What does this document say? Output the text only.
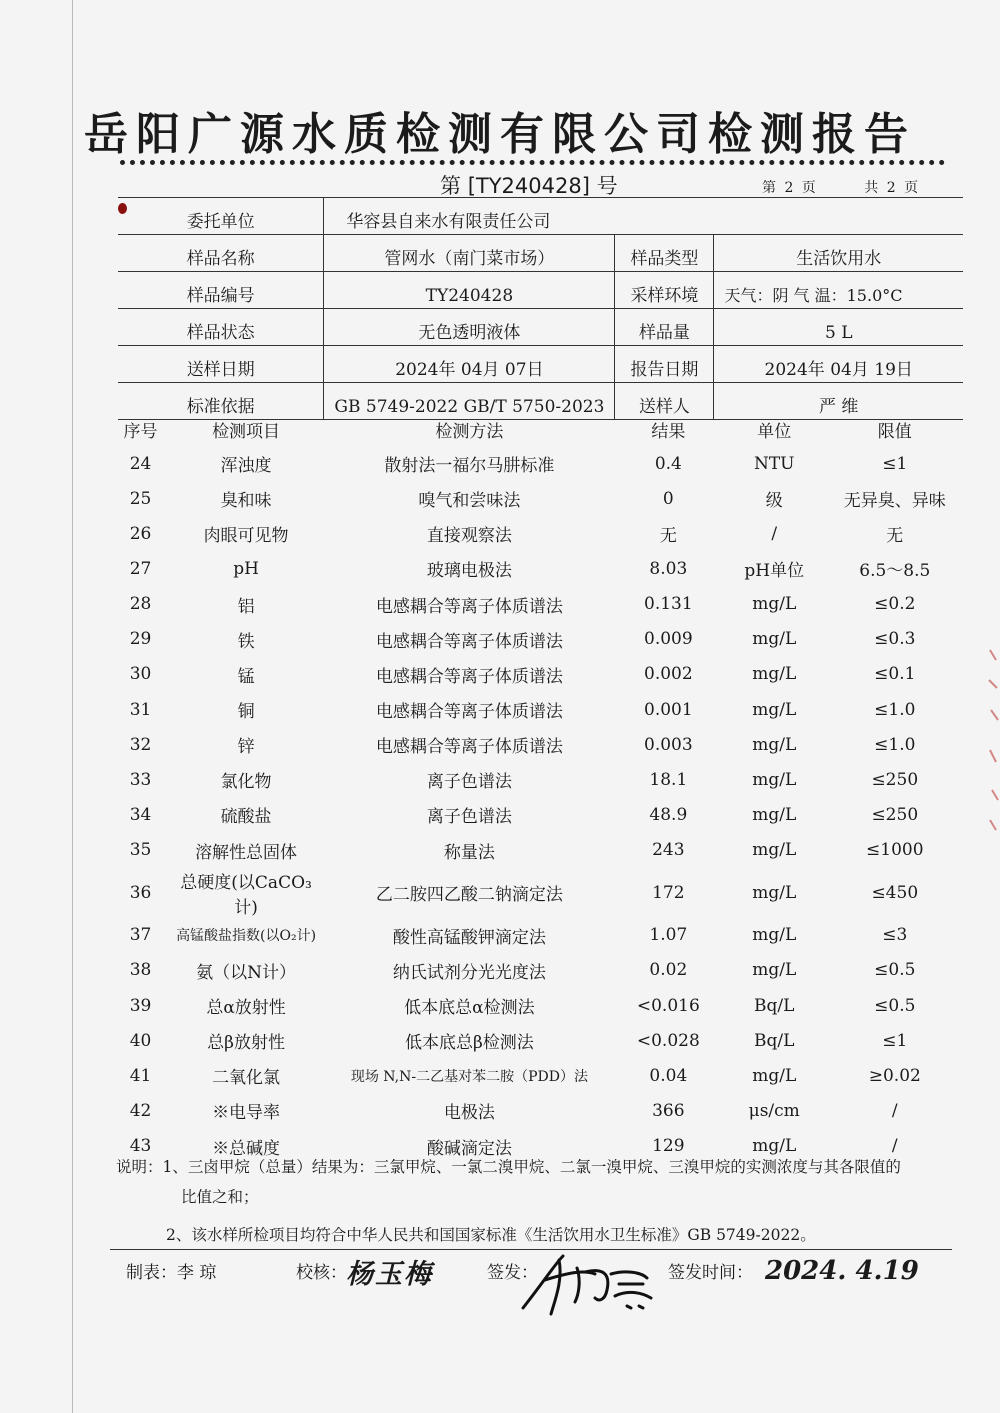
岳阳广源水质检测有限公司检测报告
第 [TY240428] 号	第 2 页	共 2 页
委托单位	华容县自来水有限责任公司		
样品名称	管网水（南门菜市场）	样品类型	生活饮用水
样品编号	TY240428	采样环境	天气：阴 气 温：15.0°C
样品状态	无色透明液体	样品量	5 L
送样日期	2024年 04月 07日	报告日期	2024年 04月 19日
标准依据	GB 5749-2022 GB/T 5750-2023	送样人	严 维
序号	检测项目	检测方法	结果	单位	限值
24	浑浊度	散射法一福尔马肼标准	0.4	NTU	≤1
25	臭和味	嗅气和尝味法	0	级	无异臭、异味
26	肉眼可见物	直接观察法	无	/	无
27	pH	玻璃电极法	8.03	pH单位	6.5～8.5
28	铝	电感耦合等离子体质谱法	0.131	mg/L	≤0.2
29	铁	电感耦合等离子体质谱法	0.009	mg/L	≤0.3
30	锰	电感耦合等离子体质谱法	0.002	mg/L	≤0.1
31	铜	电感耦合等离子体质谱法	0.001	mg/L	≤1.0
32	锌	电感耦合等离子体质谱法	0.003	mg/L	≤1.0
33	氯化物	离子色谱法	18.1	mg/L	≤250
34	硫酸盐	离子色谱法	48.9	mg/L	≤250
35	溶解性总固体	称量法	243	mg/L	≤1000
36	总硬度(以CaCO₃计)	乙二胺四乙酸二钠滴定法	172	mg/L	≤450
37	高锰酸盐指数(以O₂计)	酸性高锰酸钾滴定法	1.07	mg/L	≤3
38	氨（以N计）	纳氏试剂分光光度法	0.02	mg/L	≤0.5
39	总α放射性	低本底总α检测法	<0.016	Bq/L	≤0.5
40	总β放射性	低本底总β检测法	<0.028	Bq/L	≤1
41	二氧化氯	现场 N,N-二乙基对苯二胺（PDD）法	0.04	mg/L	≥0.02
42	※电导率	电极法	366	μs/cm	/
43	※总碱度	酸碱滴定法	129	mg/L	/
说明：1、三卤甲烷（总量）结果为：三氯甲烷、一氯二溴甲烷、二氯一溴甲烷、三溴甲烷的实测浓度与其各限值的
比值之和；
2、该水样所检项目均符合中华人民共和国国家标准《生活饮用水卫生标准》GB 5749-2022。
制表：李 琼	校核： 杨玉梅	签发：	签发时间： 2024. 4.19
